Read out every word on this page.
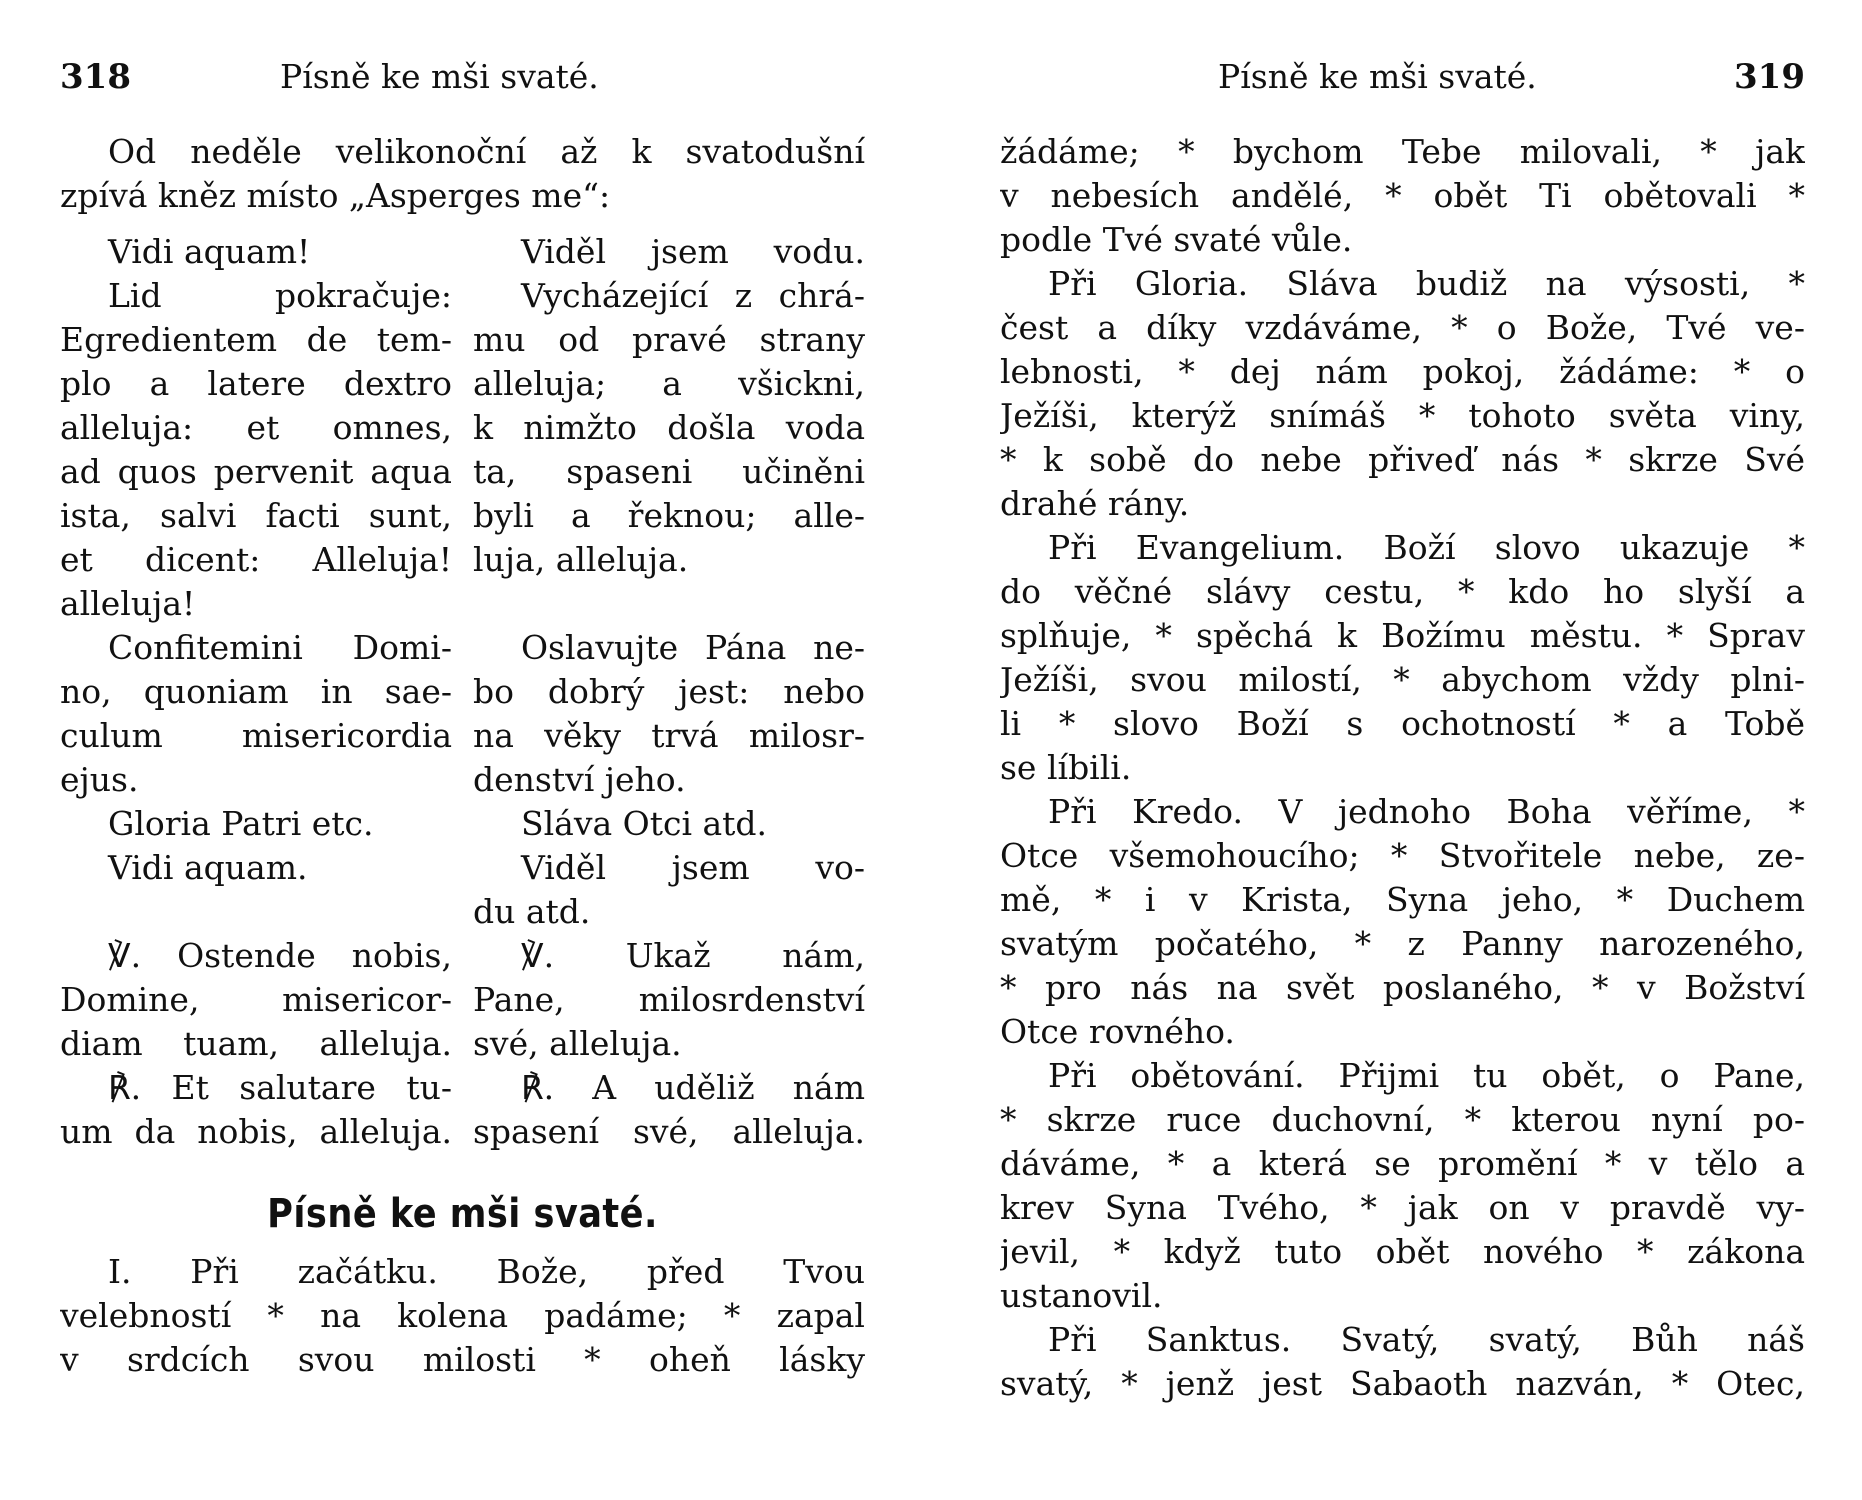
318	Písně ke mši svaté.
Od neděle velikonoční až k svatodušní
zpívá kněz místo „Asperges me“:
Vidi aquam!
Lid pokračuje:
Egredientem de tem-
plo a latere dextro
alleluja: et omnes,
ad quos pervenit aqua
ista, salvi facti sunt,
et dicent: Alleluja!
alleluja!
Confitemini Domi-
no, quoniam in sae-
culum misericordia
ejus.
Gloria Patri etc.
Vidi aquam.
℣. Ostende nobis,
Domine, misericor-
diam tuam, alleluja.
℟. Et salutare tu-
um da nobis, alleluja.
Viděl jsem vodu.
Vycházející z chrá-
mu od pravé strany
alleluja; a všickni,
k nimžto došla voda
ta, spaseni učiněni
byli a řeknou; alle-
luja, alleluja.
Oslavujte Pána ne-
bo dobrý jest: nebo
na věky trvá milosr-
denství jeho.
Sláva Otci atd.
Viděl jsem vo-
du atd.
℣. Ukaž nám,
Pane, milosrdenství
své, alleluja.
℟. A uděliž nám
spasení své, alleluja.
Písně ke mši svaté.
I. Při začátku. Bože, před Tvou
velebností * na kolena padáme; * zapal
v srdcích svou milosti * oheň lásky
Písně ke mši svaté.	319
žádáme; * bychom Tebe milovali, * jak
v nebesích andělé, * obět Ti obětovali *
podle Tvé svaté vůle.
Při Gloria. Sláva budiž na výsosti, *
čest a díky vzdáváme, * o Bože, Tvé ve-
lebnosti, * dej nám pokoj, žádáme: * o
Ježíši, kterýž snímáš * tohoto světa viny,
* k sobě do nebe přiveď nás * skrze Své
drahé rány.
Při Evangelium. Boží slovo ukazuje *
do věčné slávy cestu, * kdo ho slyší a
splňuje, * spěchá k Božímu městu. * Sprav
Ježíši, svou milostí, * abychom vždy plni-
li * slovo Boží s ochotností * a Tobě
se líbili.
Při Kredo. V jednoho Boha věříme, *
Otce všemohoucího; * Stvořitele nebe, ze-
mě, * i v Krista, Syna jeho, * Duchem
svatým počatého, * z Panny narozeného,
* pro nás na svět poslaného, * v Božství
Otce rovného.
Při obětování. Přijmi tu obět, o Pane,
* skrze ruce duchovní, * kterou nyní po-
dáváme, * a která se promění * v tělo a
krev Syna Tvého, * jak on v pravdě vy-
jevil, * když tuto obět nového * zákona
ustanovil.
Při Sanktus. Svatý, svatý, Bůh náš
svatý, * jenž jest Sabaoth nazván, * Otec,
